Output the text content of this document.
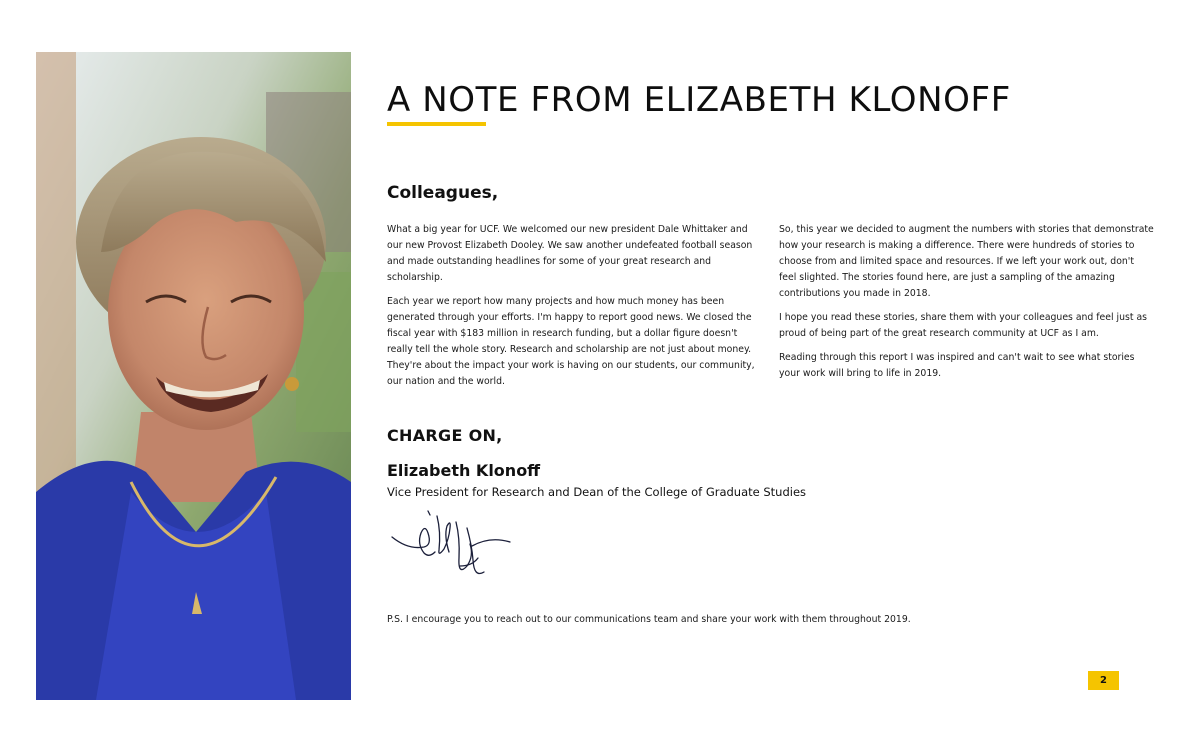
A NOTE FROM ELIZABETH KLONOFF
Colleagues,

What a big year for UCF. We welcomed our new president Dale Whittaker and our new Provost Elizabeth Dooley. We saw another undefeated football season and made outstanding headlines for some of your great research and scholarship.

Each year we report how many projects and how much money has been generated through your efforts. I'm happy to report good news. We closed the fiscal year with $183 million in research funding, but a dollar figure doesn't really tell the whole story. Research and scholarship are not just about money. They're about the impact your work is having on our students, our community, our nation and the world.

So, this year we decided to augment the numbers with stories that demonstrate how your research is making a difference. There were hundreds of stories to choose from and limited space and resources. If we left your work out, don't feel slighted. The stories found here, are just a sampling of the amazing contributions you made in 2018.

I hope you read these stories, share them with your colleagues and feel just as proud of being part of the great research community at UCF as I am.

Reading through this report I was inspired and can't wait to see what stories your work will bring to life in 2019.

CHARGE ON,
Elizabeth Klonoff

Vice President for Research and Dean of the College of Graduate Studies

P.S. I encourage you to reach out to our communications team and share your work with them throughout 2019.

2
